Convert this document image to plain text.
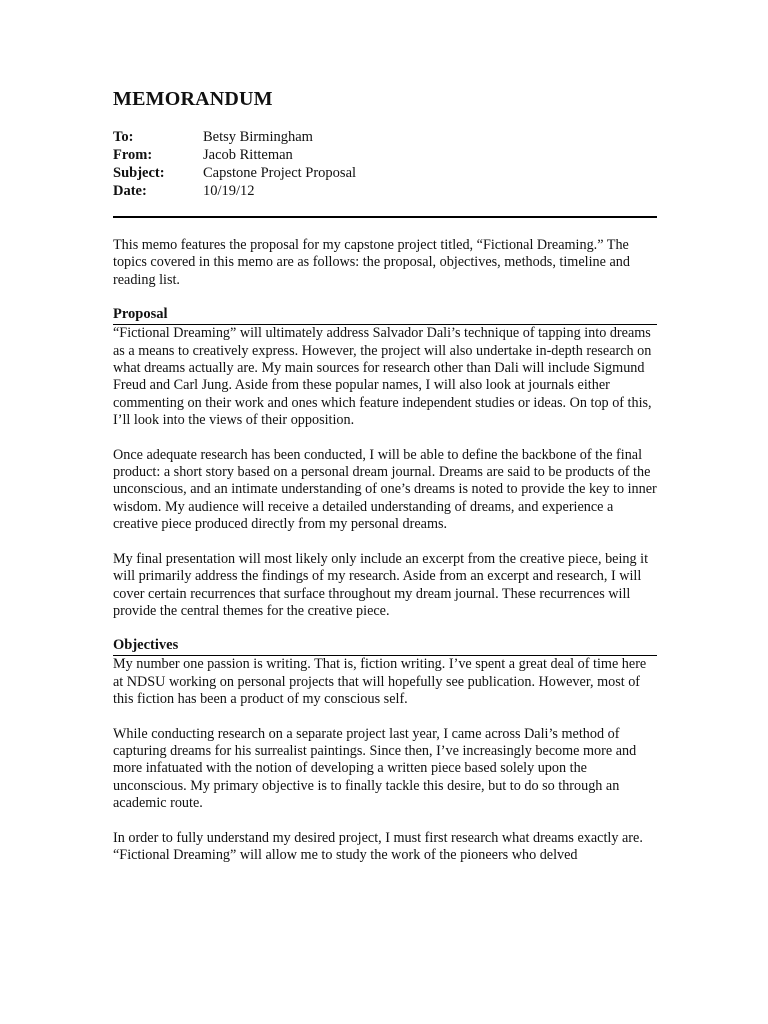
MEMORANDUM
To:	Betsy Birmingham
From:	Jacob Ritteman
Subject:	Capstone Project Proposal
Date:	10/19/12

This memo features the proposal for my capstone project titled, “Fictional Dreaming.” The topics covered in this memo are as follows: the proposal, objectives, methods, timeline and reading list.

Proposal

“Fictional Dreaming” will ultimately address Salvador Dali’s technique of tapping into dreams as a means to creatively express. However, the project will also undertake in-depth research on what dreams actually are. My main sources for research other than Dali will include Sigmund Freud and Carl Jung. Aside from these popular names, I will also look at journals either commenting on their work and ones which feature independent studies or ideas. On top of this, I’ll look into the views of their opposition.

Once adequate research has been conducted, I will be able to define the backbone of the final product: a short story based on a personal dream journal. Dreams are said to be products of the unconscious, and an intimate understanding of one’s dreams is noted to provide the key to inner wisdom. My audience will receive a detailed understanding of dreams, and experience a creative piece produced directly from my personal dreams.

My final presentation will most likely only include an excerpt from the creative piece, being it will primarily address the findings of my research. Aside from an excerpt and research, I will cover certain recurrences that surface throughout my dream journal. These recurrences will provide the central themes for the creative piece.

Objectives

My number one passion is writing. That is, fiction writing. I’ve spent a great deal of time here at NDSU working on personal projects that will hopefully see publication. However, most of this fiction has been a product of my conscious self.

While conducting research on a separate project last year, I came across Dali’s method of capturing dreams for his surrealist paintings. Since then, I’ve increasingly become more and more infatuated with the notion of developing a written piece based solely upon the unconscious. My primary objective is to finally tackle this desire, but to do so through an academic route.

In order to fully understand my desired project, I must first research what dreams exactly are. “Fictional Dreaming” will allow me to study the work of the pioneers who delved
